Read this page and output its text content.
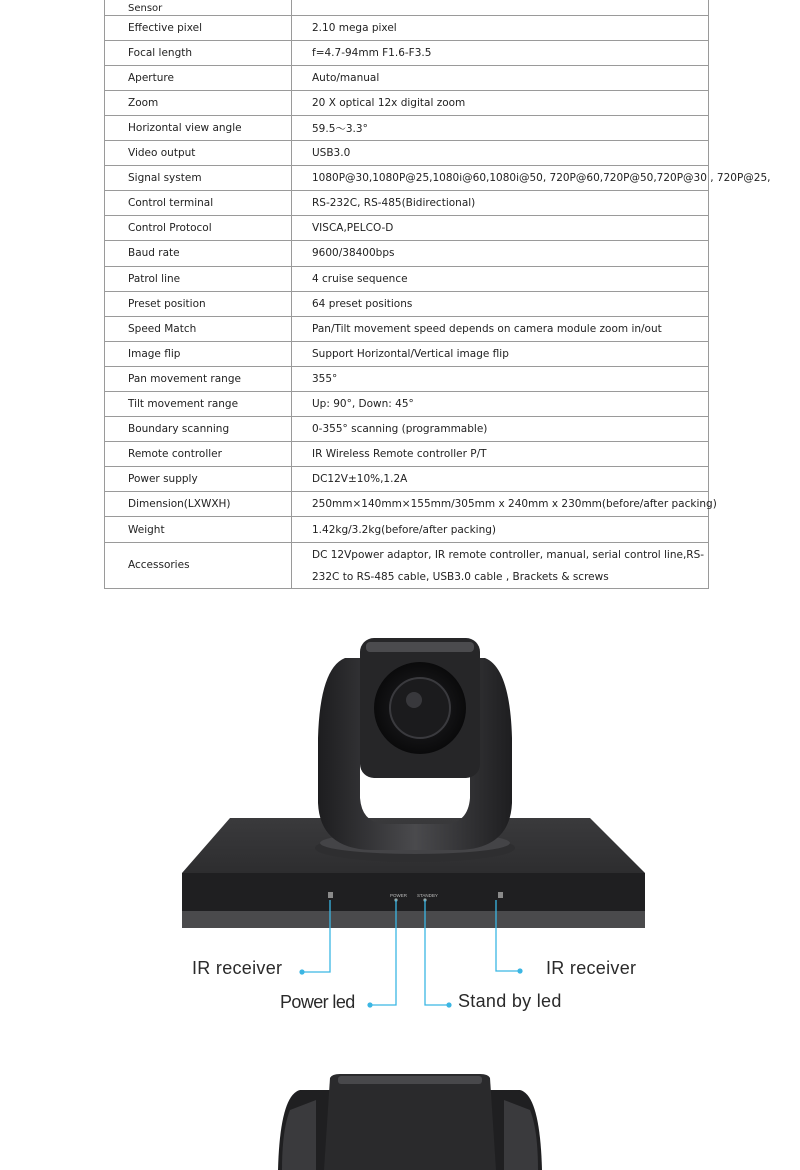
Sensor	
Effective pixel	2.10 mega pixel
Focal length	f=4.7-94mm F1.6-F3.5
Aperture	Auto/manual
Zoom	20 X optical 12x digital zoom
Horizontal view angle	59.5～3.3°
Video output	USB3.0
Signal system	1080P@30,1080P@25,1080i@60,1080i@50, 720P@60,720P@50,720P@30 , 720P@25,
Control terminal	RS-232C, RS-485(Bidirectional)
Control Protocol	VISCA,PELCO-D
Baud rate	9600/38400bps
Patrol line	4 cruise sequence
Preset position	64 preset positions
Speed Match	Pan/Tilt movement speed depends on camera module zoom in/out
Image flip	Support Horizontal/Vertical image flip
Pan movement range	355°
Tilt movement range	Up: 90°, Down: 45°
Boundary scanning	0-355° scanning (programmable)
Remote controller	IR Wireless Remote controller P/T
Power supply	DC12V±10%,1.2A
Dimension(LXWXH)	250mm×140mm×155mm/305mm x 240mm x 230mm(before/after packing)
Weight	1.42kg/3.2kg(before/after packing)
Accessories	DC 12Vpower adaptor, IR remote controller, manual, serial control line,RS-232C to RS-485 cable, USB3.0 cable , Brackets & screws
POWER STANDBY
IR receiver	IR receiver
Power led	Stand by led
